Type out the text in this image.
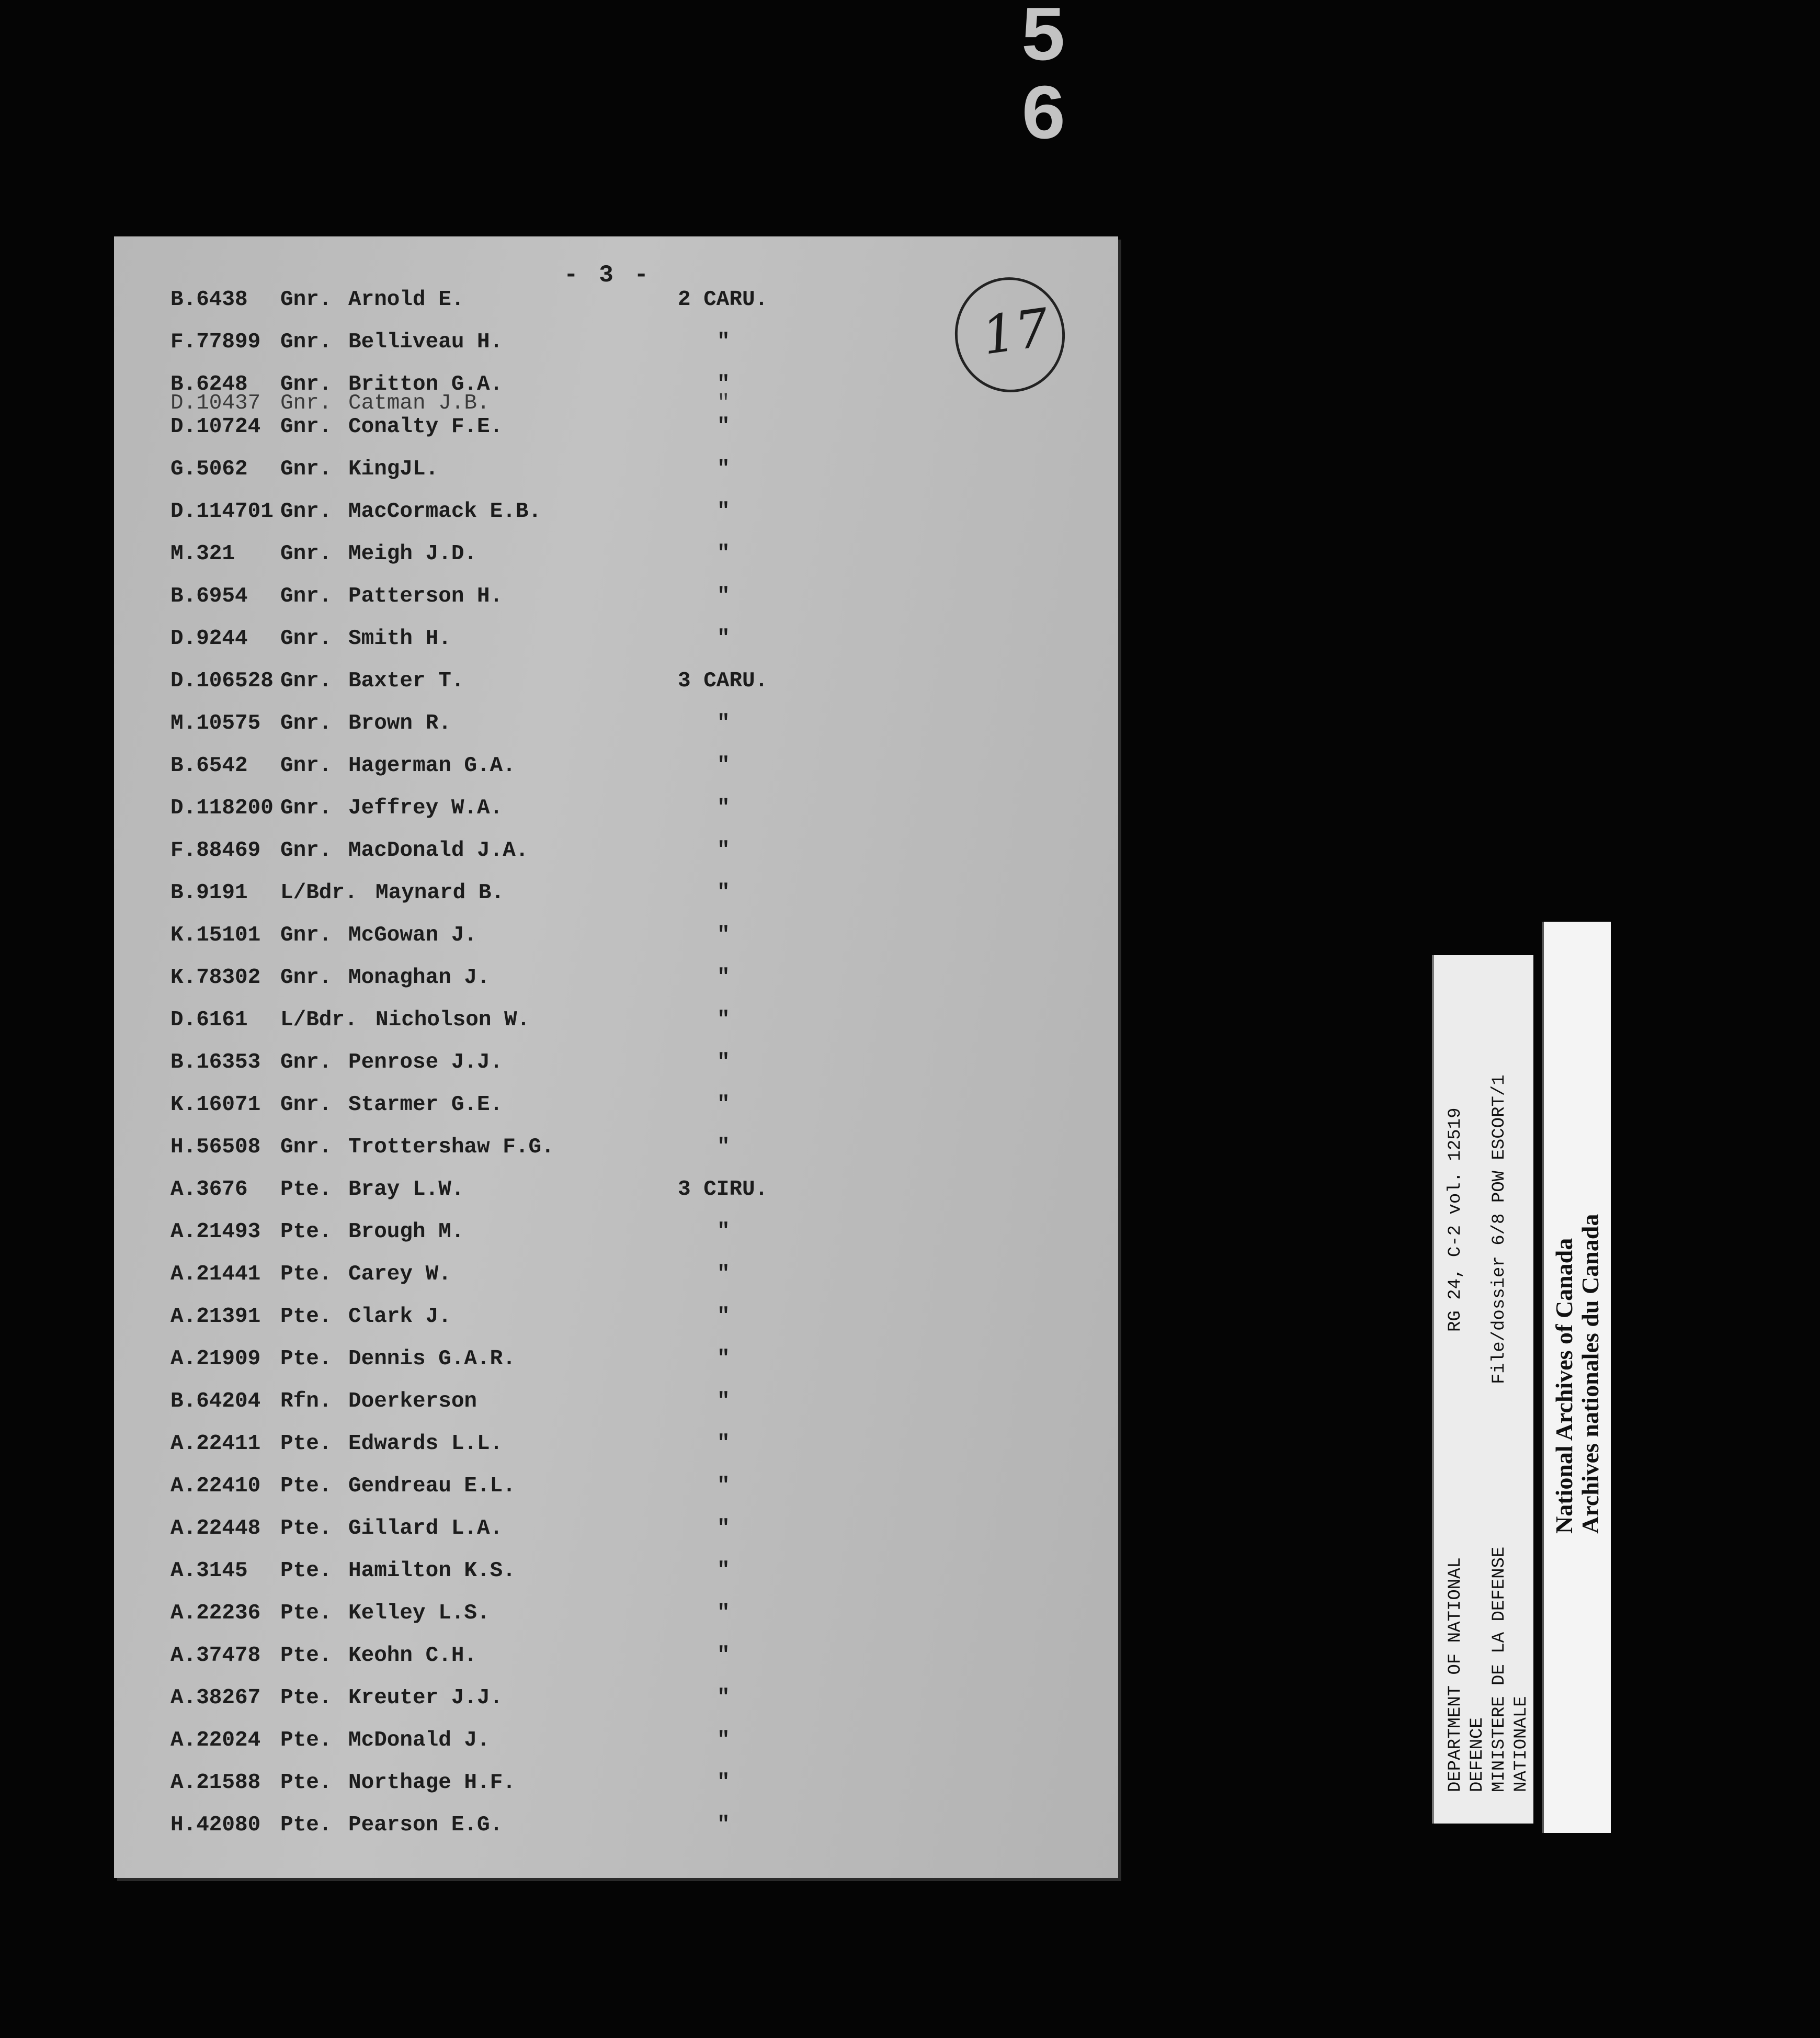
5 6
- 3 -
17
B.6438 Gnr. Arnold E.	2 CARU.
F.77899 Gnr. Belliveau H.	"
B.6248 Gnr. Britton G.A.	"
D.10437 Gnr. Catman J.B.	"
D.10724 Gnr. Conalty F.E.	"
G.5062 Gnr. KingJL.	"
D.114701 Gnr. MacCormack E.B.	"
M.321 Gnr. Meigh J.D.	"
B.6954 Gnr. Patterson H.	"
D.9244 Gnr. Smith H.	"
D.106528 Gnr. Baxter T.	3 CARU.
M.10575 Gnr. Brown R.	"
B.6542 Gnr. Hagerman G.A.	"
D.118200 Gnr. Jeffrey W.A.	"
F.88469 Gnr. MacDonald J.A.	"
B.9191 L/Bdr. Maynard B.	"
K.15101 Gnr. McGowan J.	"
K.78302 Gnr. Monaghan J.	"
D.6161 L/Bdr. Nicholson W.	"
B.16353 Gnr. Penrose J.J.	"
K.16071 Gnr. Starmer G.E.	"
H.56508 Gnr. Trottershaw F.G.	"
A.3676 Pte. Bray L.W.	3 CIRU.
A.21493 Pte. Brough M.	"
A.21441 Pte. Carey W.	"
A.21391 Pte. Clark J.	"
A.21909 Pte. Dennis G.A.R.	"
B.64204 Rfn. Doerkerson	"
A.22411 Pte. Edwards L.L.	"
A.22410 Pte. Gendreau E.L.	"
A.22448 Pte. Gillard L.A.	"
A.3145 Pte. Hamilton K.S.	"
A.22236 Pte. Kelley L.S.	"
A.37478 Pte. Keohn C.H.	"
A.38267 Pte. Kreuter J.J.	"
A.22024 Pte. McDonald J.	"
A.21588 Pte. Northage H.F.	"
H.42080 Pte. Pearson E.G.	"
DEPARTMENT OF NATIONAL DEFENCE MINISTERE DE LA DEFENSE NATIONALE
RG 24, C-2 vol. 12519 File/dossier 6/8 POW ESCORT/1
National Archives of Canada Archives nationales du Canada
